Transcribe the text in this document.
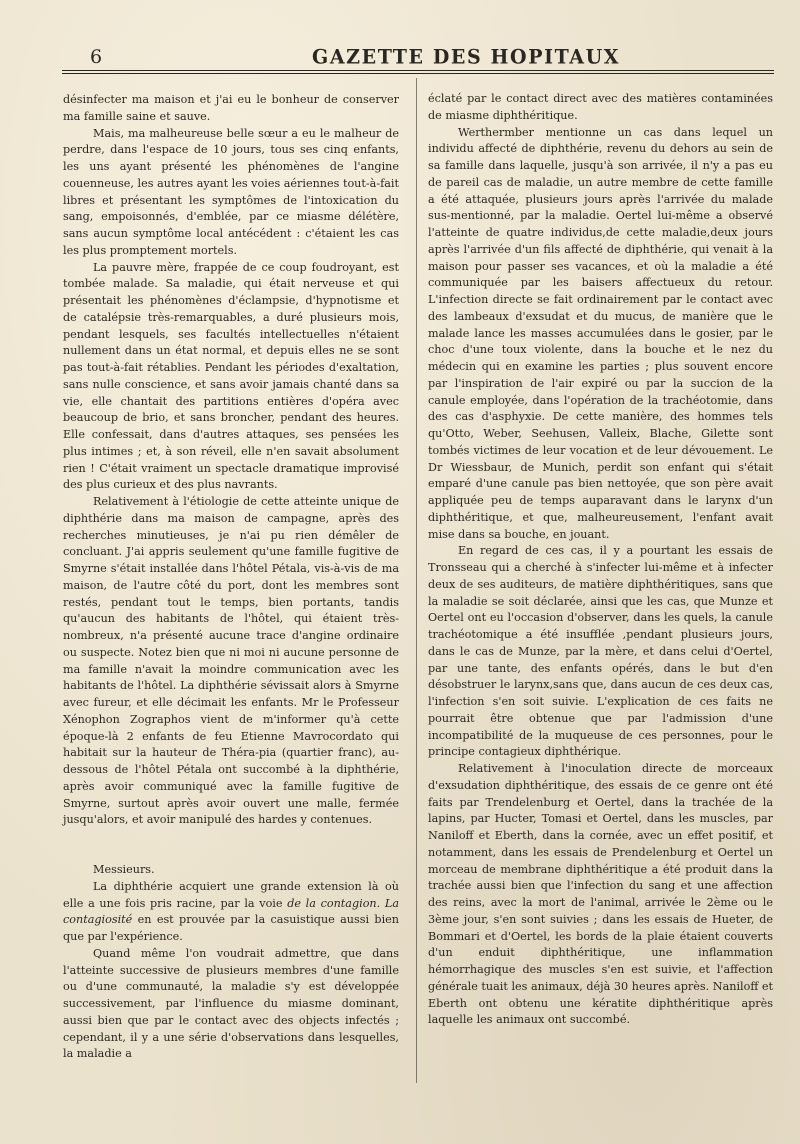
6	GAZETTE DES HOPITAUX

désinfecter ma maison et j'ai eu le bonheur de conserver ma famille saine et sauve.

Mais, ma malheureuse belle sœur a eu le malheur de perdre, dans l'espace de 10 jours, tous ses cinq enfants, les uns ayant présenté les phénomènes de l'angine couenneuse, les autres ayant les voies aériennes tout-à-fait libres et présentant les symptômes de l'intoxication du sang, empoisonnés, d'emblée, par ce miasme délétère, sans aucun symptôme local antécédent : c'étaient les cas les plus promptement mortels.

La pauvre mère, frappée de ce coup foudroyant, est tombée malade. Sa maladie, qui était nerveuse et qui présentait les phénomènes d'éclampsie, d'hypnotisme et de catalépsie très-remarquables, a duré plusieurs mois, pendant lesquels, ses facultés intellectuelles n'étaient nullement dans un état normal, et depuis elles ne se sont pas tout-à-fait rétablies. Pendant les périodes d'exaltation, sans nulle conscience, et sans avoir jamais chanté dans sa vie, elle chantait des partitions entières d'opéra avec beaucoup de brio, et sans broncher, pendant des heures. Elle confessait, dans d'autres attaques, ses pensées les plus intimes ; et, à son réveil, elle n'en savait absolument rien ! C'était vraiment un spectacle dramatique improvisé des plus curieux et des plus navrants.

Relativement à l'étiologie de cette atteinte unique de diphthérie dans ma maison de campagne, après des recherches minutieuses, je n'ai pu rien démêler de concluant. J'ai appris seulement qu'une famille fugitive de Smyrne s'était installée dans l'hôtel Pétala, vis-à-vis de ma maison, de l'autre côté du port, dont les membres sont restés, pendant tout le temps, bien portants, tandis qu'aucun des habitants de l'hôtel, qui étaient très-nombreux, n'a présenté aucune trace d'angine ordinaire ou suspecte. Notez bien que ni moi ni aucune personne de ma famille n'avait la moindre communication avec les habitants de l'hôtel. La diphthérie sévissait alors à Smyrne avec fureur, et elle décimait les enfants. Mr le Professeur Xénophon Zographos vient de m'informer qu'à cette époque-là 2 enfants de feu Etienne Mavrocordato qui habitait sur la hauteur de Théra-pia (quartier franc), au-dessous de l'hôtel Pétala ont succombé à la diphthérie, après avoir communiqué avec la famille fugitive de Smyrne, surtout après avoir ouvert une malle, fermée jusqu'alors, et avoir manipulé des hardes y contenues.

Messieurs.

La diphthérie acquiert une grande extension là où elle a une fois pris racine, par la voie de la contagion. La contagiosité en est prouvée par la casuistique aussi bien que par l'expérience.

Quand même l'on voudrait admettre, que dans l'atteinte successive de plusieurs membres d'une famille ou d'une communauté, la maladie s'y est développée successivement, par l'influence du miasme dominant, aussi bien que par le contact avec des objects infectés ; cependant, il y a une série d'observations dans lesquelles, la maladie a

éclaté par le contact direct avec des matières contaminées de miasme diphthéritique.

Werthermber mentionne un cas dans lequel un individu affecté de diphthérie, revenu du dehors au sein de sa famille dans laquelle, jusqu'à son arrivée, il n'y a pas eu de pareil cas de maladie, un autre membre de cette famille a été attaquée, plusieurs jours après l'arrivée du malade sus-mentionné, par la maladie. Oertel lui-même a observé l'atteinte de quatre individus,de cette maladie,deux jours après l'arrivée d'un fils affecté de diphthérie, qui venait à la maison pour passer ses vacances, et où la maladie a été communiquée par les baisers affectueux du retour. L'infection directe se fait ordinairement par le contact avec des lambeaux d'exsudat et du mucus, de manière que le malade lance les masses accumulées dans le gosier, par le choc d'une toux violente, dans la bouche et le nez du médecin qui en examine les parties ; plus souvent encore par l'inspiration de l'air expiré ou par la succion de la canule employée, dans l'opération de la trachéotomie, dans des cas d'asphyxie. De cette manière, des hommes tels qu'Otto, Weber, Seehusen, Valleix, Blache, Gilette sont tombés victimes de leur vocation et de leur dévouement. Le Dr Wiessbaur, de Munich, perdit son enfant qui s'était emparé d'une canule pas bien nettoyée, que son père avait appliquée peu de temps auparavant dans le larynx d'un diphthéritique, et que, malheureusement, l'enfant avait mise dans sa bouche, en jouant.

En regard de ces cas, il y a pourtant les essais de Tronsseau qui a cherché à s'infecter lui-même et à infecter deux de ses auditeurs, de matière diphthéritiques, sans que la maladie se soit déclarée, ainsi que les cas, que Munze et Oertel ont eu l'occasion d'observer, dans les quels, la canule trachéotomique a été insufflée ,pendant plusieurs jours, dans le cas de Munze, par la mère, et dans celui d'Oertel, par une tante, des enfants opérés, dans le but d'en désobstruer le larynx,sans que, dans aucun de ces deux cas, l'infection s'en soit suivie. L'explication de ces faits ne pourrait être obtenue que par l'admission d'une incompatibilité de la muqueuse de ces personnes, pour le principe contagieux diphthérique.

Relativement à l'inoculation directe de morceaux d'exsudation diphthéritique, des essais de ce genre ont été faits par Trendelenburg et Oertel, dans la trachée de la lapins, par Hucter, Tomasi et Oertel, dans les muscles, par Naniloff et Eberth, dans la cornée, avec un effet positif, et notamment, dans les essais de Prendelenburg et Oertel un morceau de membrane diphthéritique a été produit dans la trachée aussi bien que l'infection du sang et une affection des reins, avec la mort de l'animal, arrivée le 2ème ou le 3ème jour, s'en sont suivies ; dans les essais de Hueter, de Bommari et d'Oertel, les bords de la plaie étaient couverts d'un enduit diphthéritique, une inflammation hémorrhagique des muscles s'en est suivie, et l'affection générale tuait les animaux, déjà 30 heures après. Naniloff et Eberth ont obtenu une kératite diphthéritique après laquelle les animaux ont succombé.
